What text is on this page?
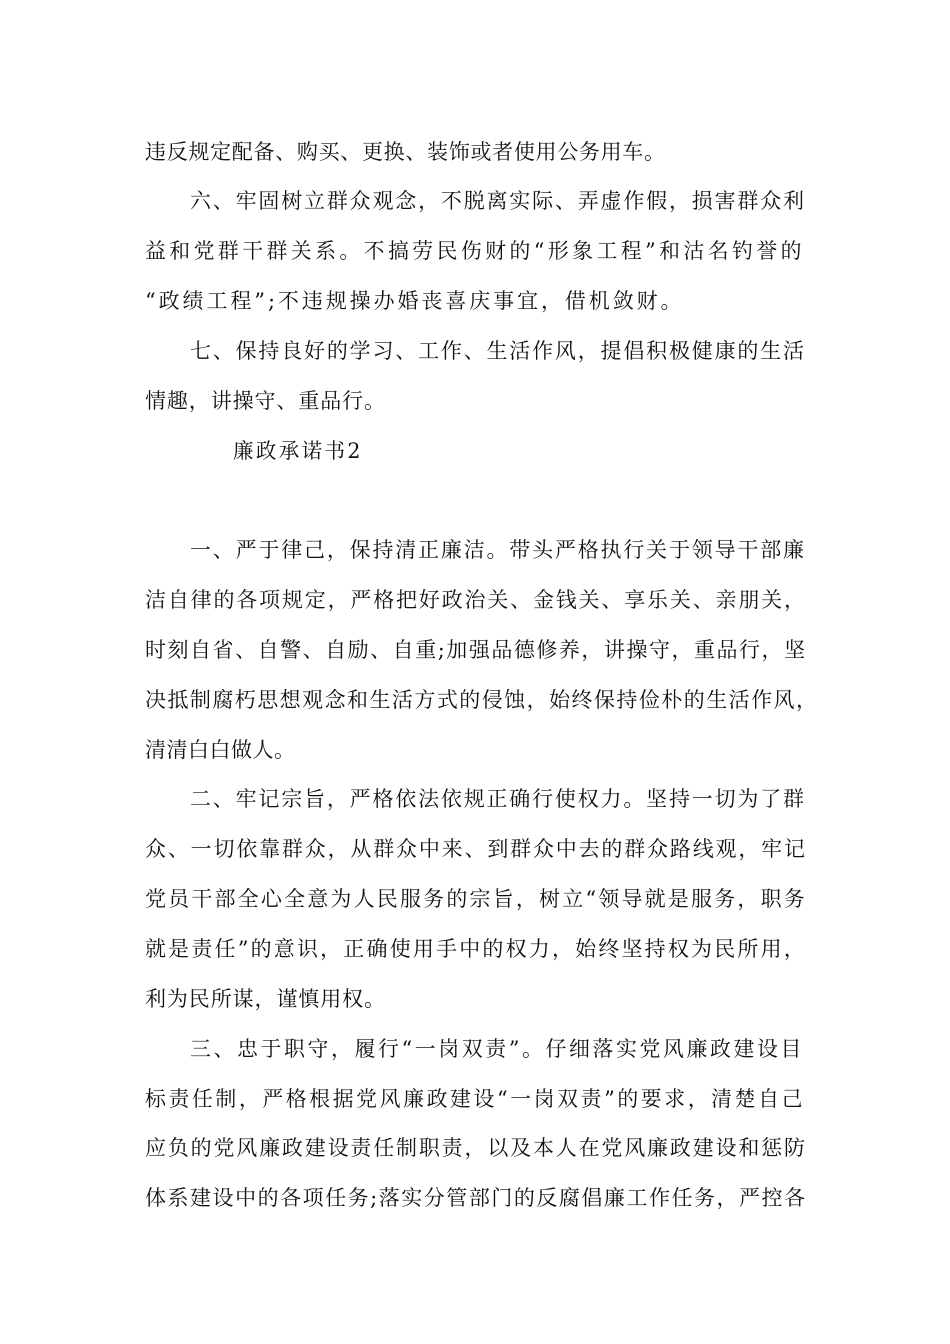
违反规定配备、购买、更换、装饰或者使用公务用车。
六、牢固树立群众观念，不脱离实际、弄虚作假，损害群众利
益和党群干群关系。不搞劳民伤财的“形象工程”和沽名钓誉的
“政绩工程”;不违规操办婚丧喜庆事宜，借机敛财。
七、保持良好的学习、工作、生活作风，提倡积极健康的生活
情趣，讲操守、重品行。
廉政承诺书2
一、严于律己，保持清正廉洁。带头严格执行关于领导干部廉
洁自律的各项规定，严格把好政治关、金钱关、享乐关、亲朋关，
时刻自省、自警、自励、自重;加强品德修养，讲操守，重品行，坚
决抵制腐朽思想观念和生活方式的侵蚀，始终保持俭朴的生活作风，
清清白白做人。
二、牢记宗旨，严格依法依规正确行使权力。坚持一切为了群
众、一切依靠群众，从群众中来、到群众中去的群众路线观，牢记
党员干部全心全意为人民服务的宗旨，树立“领导就是服务，职务
就是责任”的意识，正确使用手中的权力，始终坚持权为民所用，
利为民所谋，谨慎用权。
三、忠于职守，履行“一岗双责”。仔细落实党风廉政建设目
标责任制，严格根据党风廉政建设“一岗双责”的要求，清楚自己
应负的党风廉政建设责任制职责，以及本人在党风廉政建设和惩防
体系建设中的各项任务;落实分管部门的反腐倡廉工作任务，严控各
